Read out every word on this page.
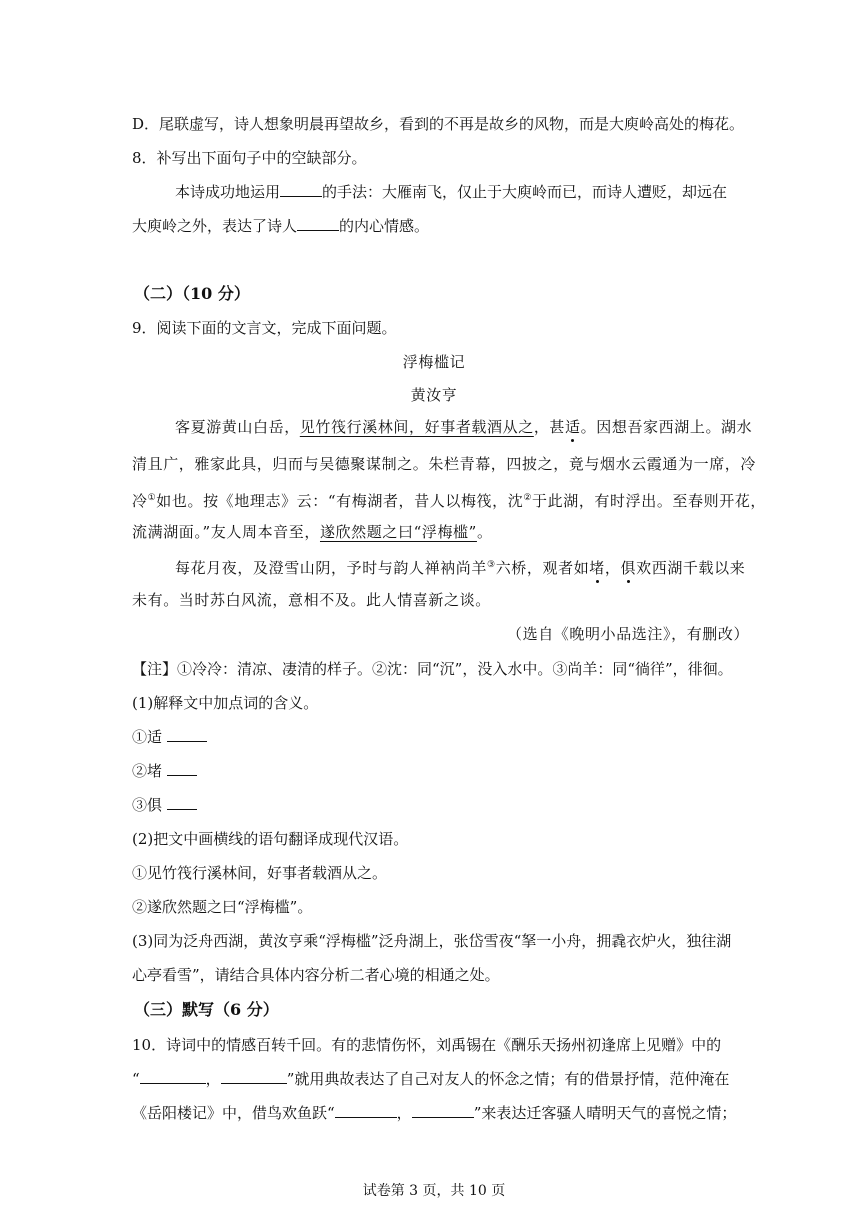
D．尾联虚写，诗人想象明晨再望故乡，看到的不再是故乡的风物，而是大庾岭高处的梅花。
8．补写出下面句子中的空缺部分。
本诗成功地运用	的手法：大雁南飞，仅止于大庾岭而已，而诗人遭贬，却远在
大庾岭之外，表达了诗人	的内心情感。
（二）（10 分）
9．阅读下面的文言文，完成下面问题。
浮梅槛记
黄汝亨
客夏游黄山白岳，见竹筏行溪林间，好事者载酒从之，甚适。因想吾家西湖上。湖水
清且广，雅家此具，归而与吴德聚谋制之。朱栏青幕，四披之，竟与烟水云霞通为一席，冷
冷①如也。按《地理志》云：“有梅湖者，昔人以梅筏，沈②于此湖，有时浮出。至春则开花，
流满湖面。”友人周本音至，遂欣然题之曰“浮梅槛”。
每花月夜，及澄雪山阴，予时与韵人禅衲尚羊③六桥，观者如堵，俱欢西湖千载以来
未有。当时苏白风流，意相不及。此人情喜新之谈。
（选自《晚明小品选注》，有删改）
【注】①冷冷：清凉、凄清的样子。②沈：同“沉”，没入水中。③尚羊：同“徜徉”，徘徊。
(1)解释文中加点词的含义。
①适
②堵
③俱
(2)把文中画横线的语句翻译成现代汉语。
①见竹筏行溪林间，好事者载酒从之。
②遂欣然题之曰“浮梅槛”。
(3)同为泛舟西湖，黄汝亨乘“浮梅槛”泛舟湖上，张岱雪夜“拏一小舟，拥毳衣炉火，独往湖
心亭看雪”，请结合具体内容分析二者心境的相通之处。
（三）默写（6 分）
10．诗词中的情感百转千回。有的悲情伤怀，刘禹锡在《酬乐天扬州初逢席上见赠》中的
“	，	”就用典故表达了自己对友人的怀念之情；有的借景抒情，范仲淹在
《岳阳楼记》中，借鸟欢鱼跃“	，	”来表达迁客骚人晴明天气的喜悦之情；
试卷第 3 页，共 10 页
